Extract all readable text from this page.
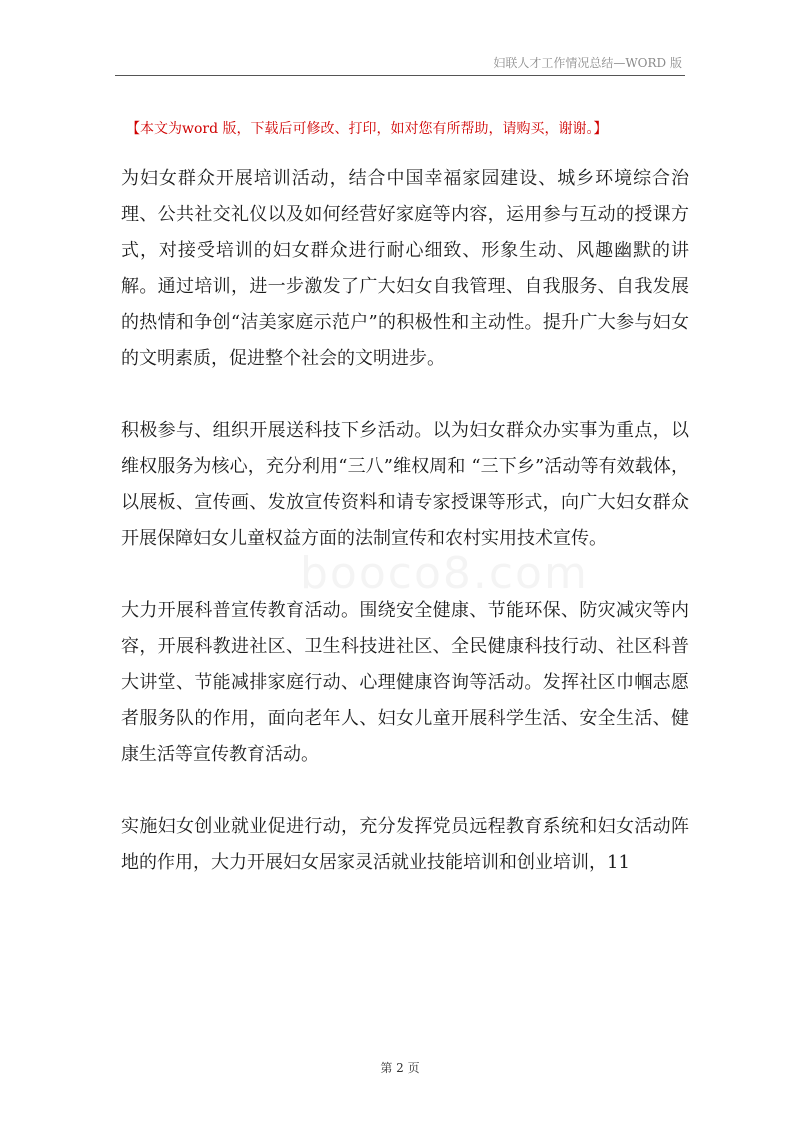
妇联人才工作情况总结—WORD 版
【本文为word 版，下载后可修改、打印，如对您有所帮助，请购买，谢谢。】
booco8.com

为妇女群众开展培训活动，结合中国幸福家园建设、城乡环境综合治理、公共社交礼仪以及如何经营好家庭等内容，运用参与互动的授课方式，对接受培训的妇女群众进行耐心细致、形象生动、风趣幽默的讲解。通过培训，进一步激发了广大妇女自我管理、自我服务、自我发展的热情和争创“洁美家庭示范户”的积极性和主动性。提升广大参与妇女的文明素质，促进整个社会的文明进步。

积极参与、组织开展送科技下乡活动。以为妇女群众办实事为重点，以维权服务为核心，充分利用“三八”维权周和 “三下乡”活动等有效载体，以展板、宣传画、发放宣传资料和请专家授课等形式，向广大妇女群众开展保障妇女儿童权益方面的法制宣传和农村实用技术宣传。

大力开展科普宣传教育活动。围绕安全健康、节能环保、防灾减灾等内容，开展科教进社区、卫生科技进社区、全民健康科技行动、社区科普大讲堂、节能减排家庭行动、心理健康咨询等活动。发挥社区巾帼志愿者服务队的作用，面向老年人、妇女儿童开展科学生活、安全生活、健康生活等宣传教育活动。

实施妇女创业就业促进行动，充分发挥党员远程教育系统和妇女活动阵地的作用，大力开展妇女居家灵活就业技能培训和创业培训，11

第 2 页
